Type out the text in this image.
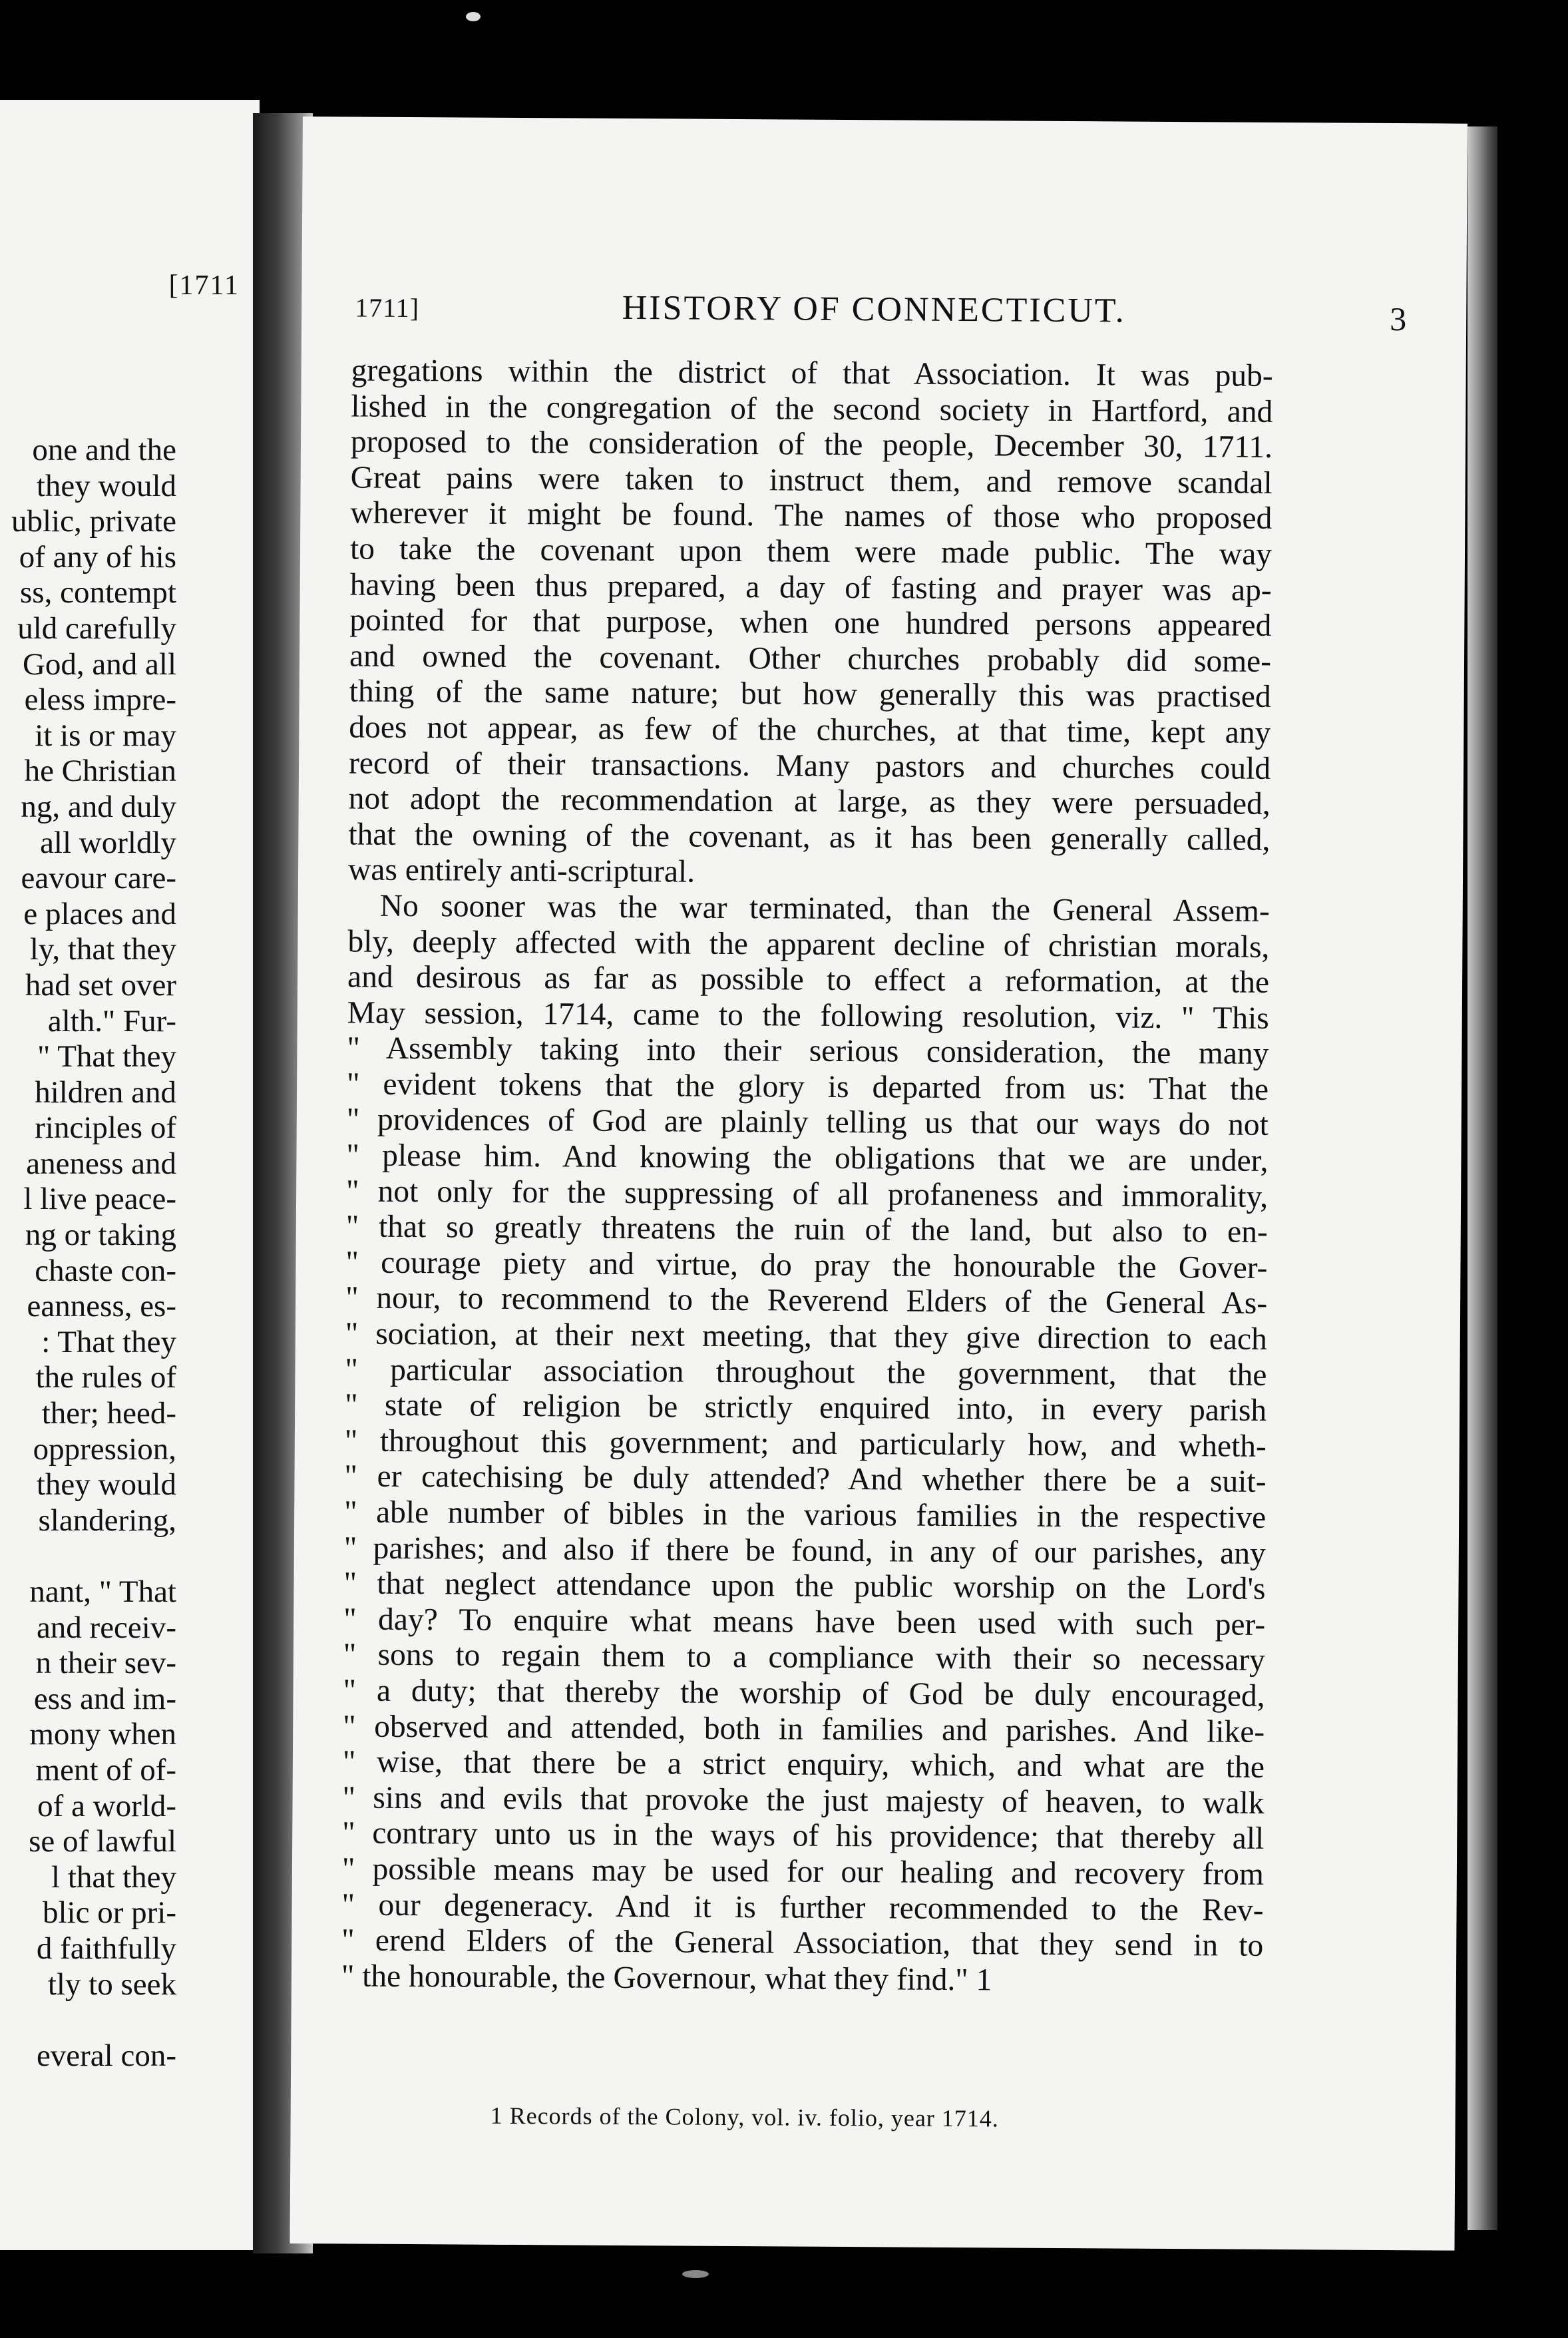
[1711
one and the
they would
ublic, private
of any of his
ss, contempt
uld carefully
God, and all
eless impre-
it is or may
he Christian
ng, and duly
all worldly
eavour care-
e places and
ly, that they
had set over
alth." Fur-
" That they
hildren and
rinciples of
aneness and
l live peace-
ng or taking
chaste con-
eanness, es-
: That they
the rules of
ther; heed-
oppression,
they would
slandering,
nant, " That
and receiv-
n their sev-
ess and im-
mony when
ment of of-
of a world-
se of lawful
l that they
blic or pri-
d faithfully
tly to seek
everal con-
1711]	HISTORY OF CONNECTICUT.	3
gregations within the district of that Association. It was pub-
lished in the congregation of the second society in Hartford, and
proposed to the consideration of the people, December 30, 1711.
Great pains were taken to instruct them, and remove scandal
wherever it might be found. The names of those who proposed
to take the covenant upon them were made public. The way
having been thus prepared, a day of fasting and prayer was ap-
pointed for that purpose, when one hundred persons appeared
and owned the covenant. Other churches probably did some-
thing of the same nature; but how generally this was practised
does not appear, as few of the churches, at that time, kept any
record of their transactions. Many pastors and churches could
not adopt the recommendation at large, as they were persuaded,
that the owning of the covenant, as it has been generally called,
was entirely anti-scriptural.
No sooner was the war terminated, than the General Assem-
bly, deeply affected with the apparent decline of christian morals,
and desirous as far as possible to effect a reformation, at the
May session, 1714, came to the following resolution, viz. " This
" Assembly taking into their serious consideration, the many
" evident tokens that the glory is departed from us: That the
" providences of God are plainly telling us that our ways do not
" please him. And knowing the obligations that we are under,
" not only for the suppressing of all profaneness and immorality,
" that so greatly threatens the ruin of the land, but also to en-
" courage piety and virtue, do pray the honourable the Gover-
" nour, to recommend to the Reverend Elders of the General As-
" sociation, at their next meeting, that they give direction to each
" particular association throughout the government, that the
" state of religion be strictly enquired into, in every parish
" throughout this government; and particularly how, and wheth-
" er catechising be duly attended? And whether there be a suit-
" able number of bibles in the various families in the respective
" parishes; and also if there be found, in any of our parishes, any
" that neglect attendance upon the public worship on the Lord's
" day? To enquire what means have been used with such per-
" sons to regain them to a compliance with their so necessary
" a duty; that thereby the worship of God be duly encouraged,
" observed and attended, both in families and parishes. And like-
" wise, that there be a strict enquiry, which, and what are the
" sins and evils that provoke the just majesty of heaven, to walk
" contrary unto us in the ways of his providence; that thereby all
" possible means may be used for our healing and recovery from
" our degeneracy. And it is further recommended to the Rev-
" erend Elders of the General Association, that they send in to
" the honourable, the Governour, what they find." 1
1 Records of the Colony, vol. iv. folio, year 1714.
